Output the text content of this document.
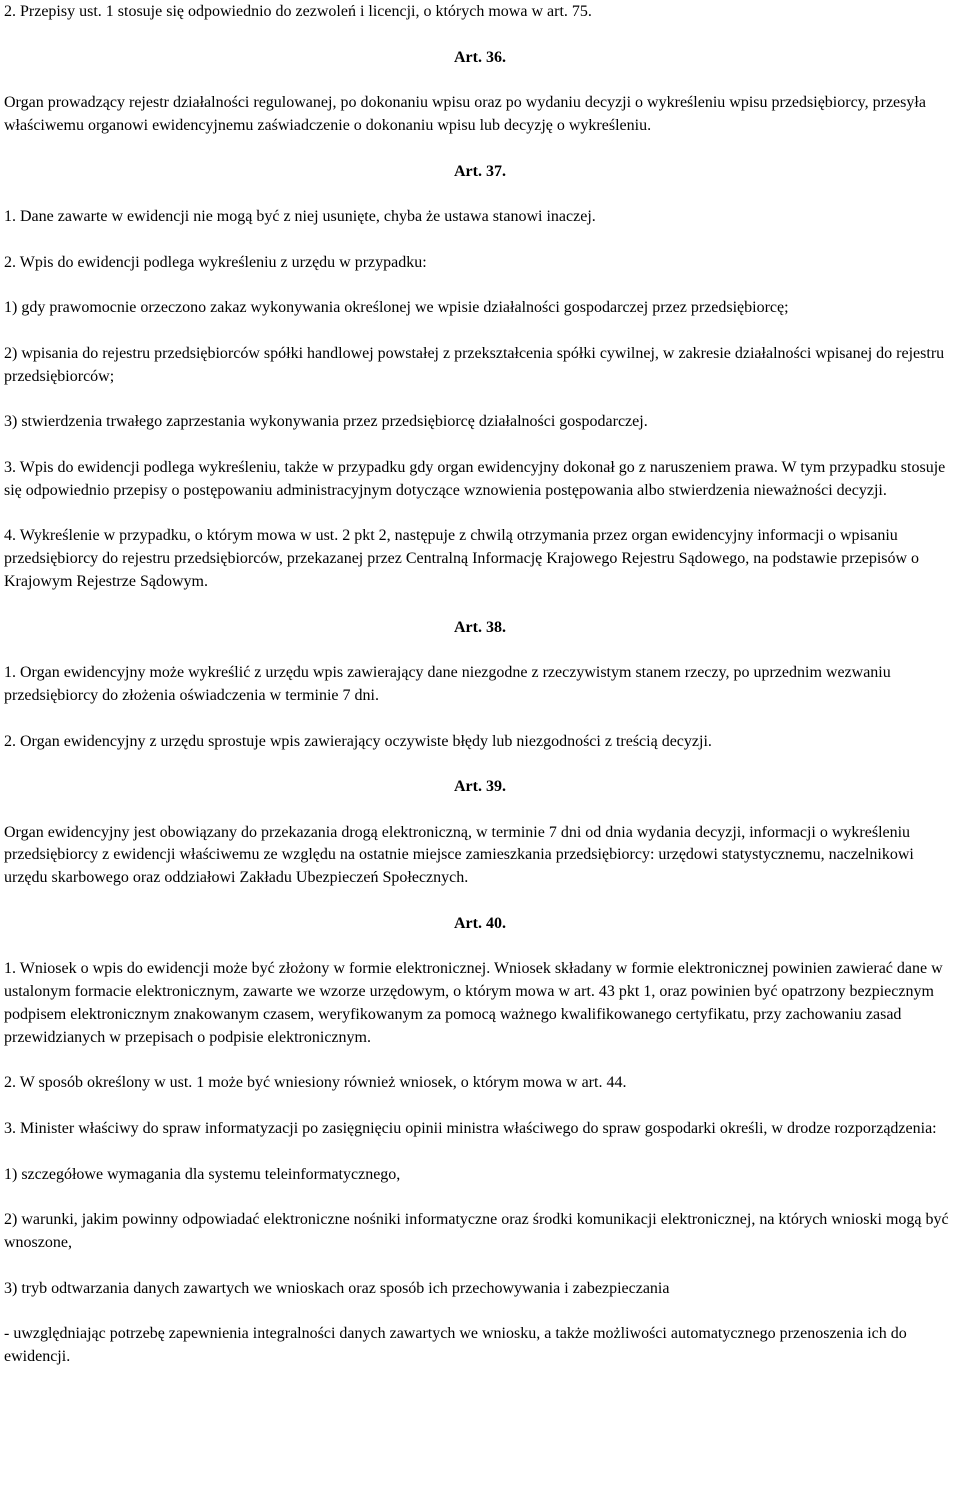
2. Przepisy ust. 1 stosuje się odpowiednio do zezwoleń i licencji, o których mowa w art. 75.

Art. 36.

Organ prowadzący rejestr działalności regulowanej, po dokonaniu wpisu oraz po wydaniu decyzji o wykreśleniu wpisu przedsiębiorcy, przesyła właściwemu organowi ewidencyjnemu zaświadczenie o dokonaniu wpisu lub decyzję o wykreśleniu.

Art. 37.

1. Dane zawarte w ewidencji nie mogą być z niej usunięte, chyba że ustawa stanowi inaczej.

2. Wpis do ewidencji podlega wykreśleniu z urzędu w przypadku:

1) gdy prawomocnie orzeczono zakaz wykonywania określonej we wpisie działalności gospodarczej przez przedsiębiorcę;

2) wpisania do rejestru przedsiębiorców spółki handlowej powstałej z przekształcenia spółki cywilnej, w zakresie działalności wpisanej do rejestru przedsiębiorców;

3) stwierdzenia trwałego zaprzestania wykonywania przez przedsiębiorcę działalności gospodarczej.

3. Wpis do ewidencji podlega wykreśleniu, także w przypadku gdy organ ewidencyjny dokonał go z naruszeniem prawa. W tym przypadku stosuje się odpowiednio przepisy o postępowaniu administracyjnym dotyczące wznowienia postępowania albo stwierdzenia nieważności decyzji.

4. Wykreślenie w przypadku, o którym mowa w ust. 2 pkt 2, następuje z chwilą otrzymania przez organ ewidencyjny informacji o wpisaniu przedsiębiorcy do rejestru przedsiębiorców, przekazanej przez Centralną Informację Krajowego Rejestru Sądowego, na podstawie przepisów o Krajowym Rejestrze Sądowym.

Art. 38.

1. Organ ewidencyjny może wykreślić z urzędu wpis zawierający dane niezgodne z rzeczywistym stanem rzeczy, po uprzednim wezwaniu przedsiębiorcy do złożenia oświadczenia w terminie 7 dni.

2. Organ ewidencyjny z urzędu sprostuje wpis zawierający oczywiste błędy lub niezgodności z treścią decyzji.

Art. 39.

Organ ewidencyjny jest obowiązany do przekazania drogą elektroniczną, w terminie 7 dni od dnia wydania decyzji, informacji o wykreśleniu przedsiębiorcy z ewidencji właściwemu ze względu na ostatnie miejsce zamieszkania przedsiębiorcy: urzędowi statystycznemu, naczelnikowi urzędu skarbowego oraz oddziałowi Zakładu Ubezpieczeń Społecznych.

Art. 40.

1. Wniosek o wpis do ewidencji może być złożony w formie elektronicznej. Wniosek składany w formie elektronicznej powinien zawierać dane w ustalonym formacie elektronicznym, zawarte we wzorze urzędowym, o którym mowa w art. 43 pkt 1, oraz powinien być opatrzony bezpiecznym podpisem elektronicznym znakowanym czasem, weryfikowanym za pomocą ważnego kwalifikowanego certyfikatu, przy zachowaniu zasad przewidzianych w przepisach o podpisie elektronicznym.

2. W sposób określony w ust. 1 może być wniesiony również wniosek, o którym mowa w art. 44.

3. Minister właściwy do spraw informatyzacji po zasięgnięciu opinii ministra właściwego do spraw gospodarki określi, w drodze rozporządzenia:

1) szczegółowe wymagania dla systemu teleinformatycznego,

2) warunki, jakim powinny odpowiadać elektroniczne nośniki informatyczne oraz środki komunikacji elektronicznej, na których wnioski mogą być wnoszone,

3) tryb odtwarzania danych zawartych we wnioskach oraz sposób ich przechowywania i zabezpieczania

- uwzględniając potrzebę zapewnienia integralności danych zawartych we wniosku, a także możliwości automatycznego przenoszenia ich do ewidencji.
